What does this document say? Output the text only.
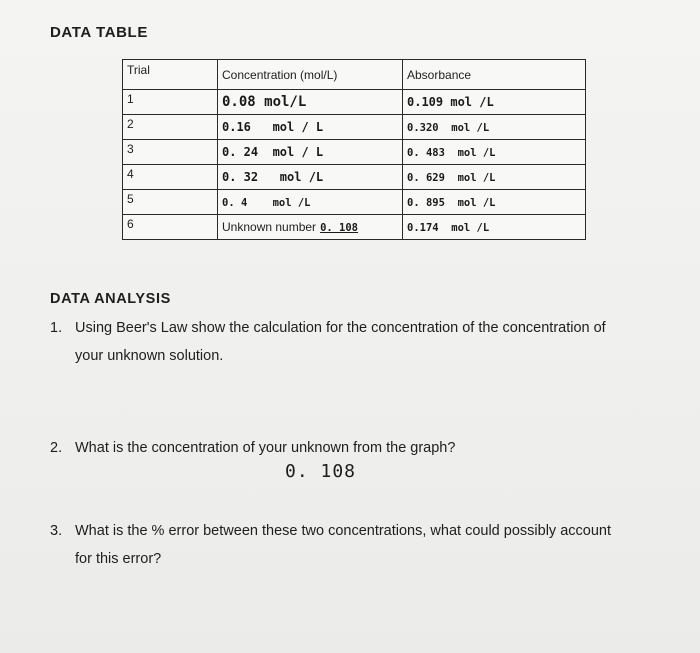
DATA TABLE
Trial	Concentration (mol/L)	Absorbance
1	0.08 mol/L	0.109 mol /L
2	0.16   mol / L	0.320  mol /L
3	0. 24  mol / L	0. 483  mol /L
4	0. 32   mol /L	0. 629  mol /L
5	0. 4    mol /L	0. 895  mol /L
6	Unknown number 0. 108	0.174  mol /L
DATA ANALYSIS
1. Using Beer's Law show the calculation for the concentration of the concentration of
your unknown solution.
2. What is the concentration of your unknown from the graph?
0. 108
3. What is the % error between these two concentrations, what could possibly account
for this error?
